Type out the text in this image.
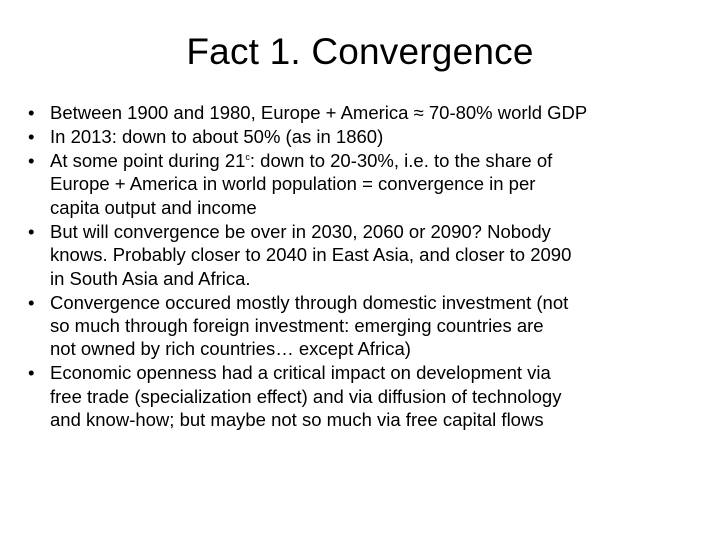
Fact 1. Convergence
• Between 1900 and 1980, Europe + America ≈ 70-80% world GDP
• In 2013: down to about 50% (as in 1860)
• At some point during 21$^c$: down to 20-30%, i.e. to the share of
Europe + America in world population = convergence in per
capita output and income
• But will convergence be over in 2030, 2060 or 2090? Nobody
knows. Probably closer to 2040 in East Asia, and closer to 2090
in South Asia and Africa.
• Convergence occured mostly through domestic investment (not
so much through foreign investment: emerging countries are
not owned by rich countries… except Africa)
• Economic openness had a critical impact on development via
free trade (specialization effect) and via diffusion of technology
and know-how; but maybe not so much via free capital flows
